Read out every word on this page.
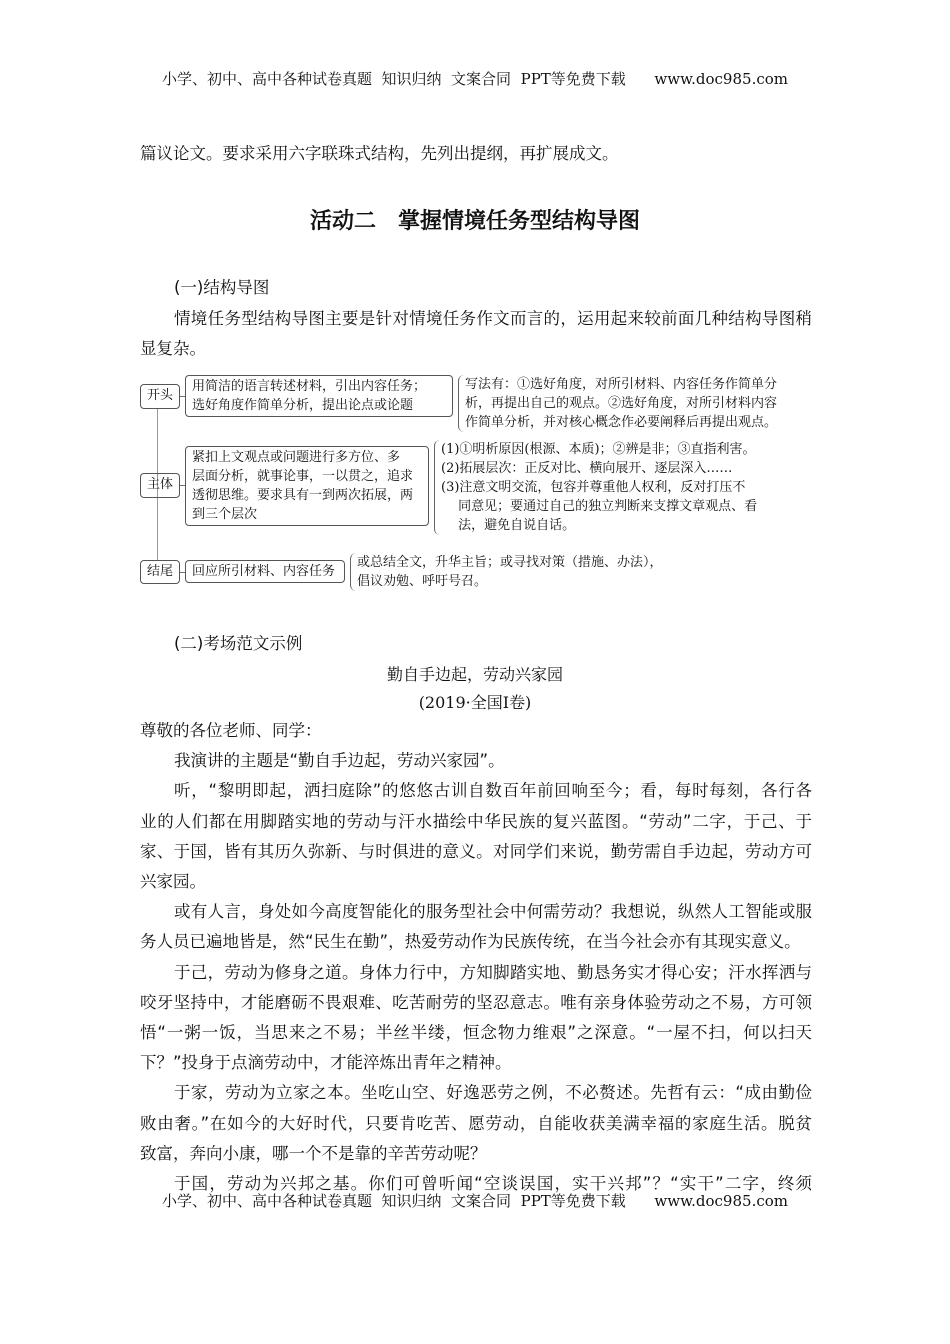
小学、初中、高中各种试卷真题  知识归纳  文案合同  PPT等免费下载      www.doc985.com
篇议论文。要求采用六字联珠式结构，先列出提纲，再扩展成文。
活动二　掌握情境任务型结构导图
(一)结构导图
情境任务型结构导图主要是针对情境任务作文而言的，运用起来较前面几种结构导图稍
显复杂。
开头
主体
结尾
用简洁的语言转述材料，引出内容任务；
选好角度作简单分析，提出论点或论题
写法有：①选好角度，对所引材料、内容任务作简单分
析，再提出自己的观点。②选好角度，对所引材料内容
作简单分析，并对核心概念作必要阐释后再提出观点。
紧扣上文观点或问题进行多方位、多
层面分析，就事论事，一以贯之，追求
透彻思维。要求具有一到两次拓展，两
到三个层次
(1)①明析原因(根源、本质)；②辨是非；③直指利害。
(2)拓展层次：正反对比、横向展开、逐层深入……
(3)注意文明交流，包容并尊重他人权利，反对打压不
　 同意见；要通过自己的独立判断来支撑文章观点、看
　 法，避免自说自话。
回应所引材料、内容任务
或总结全文，升华主旨；或寻找对策（措施、办法），
倡议劝勉、呼吁号召。
(二)考场范文示例
勤自手边起，劳动兴家园
(2019·全国Ⅰ卷)
尊敬的各位老师、同学：
我演讲的主题是“勤自手边起，劳动兴家园”。
听，“黎明即起，洒扫庭除”的悠悠古训自数百年前回响至今；看，每时每刻，各行各
业的人们都在用脚踏实地的劳动与汗水描绘中华民族的复兴蓝图。“劳动”二字，于己、于
家、于国，皆有其历久弥新、与时俱进的意义。对同学们来说，勤劳需自手边起，劳动方可
兴家园。
或有人言，身处如今高度智能化的服务型社会中何需劳动？我想说，纵然人工智能或服
务人员已遍地皆是，然“民生在勤”，热爱劳动作为民族传统，在当今社会亦有其现实意义。
于己，劳动为修身之道。身体力行中，方知脚踏实地、勤恳务实才得心安；汗水挥洒与
咬牙坚持中，才能磨砺不畏艰难、吃苦耐劳的坚忍意志。唯有亲身体验劳动之不易，方可领
悟“一粥一饭，当思来之不易；半丝半缕，恒念物力维艰”之深意。“一屋不扫，何以扫天
下？”投身于点滴劳动中，才能淬炼出青年之精神。
于家，劳动为立家之本。坐吃山空、好逸恶劳之例，不必赘述。先哲有云：“成由勤俭
败由奢。”在如今的大好时代，只要肯吃苦、愿劳动，自能收获美满幸福的家庭生活。脱贫
致富，奔向小康，哪一个不是靠的辛苦劳动呢？
于国，劳动为兴邦之基。你们可曾听闻“空谈误国，实干兴邦”？“实干”二字，终须
小学、初中、高中各种试卷真题  知识归纳  文案合同  PPT等免费下载      www.doc985.com
